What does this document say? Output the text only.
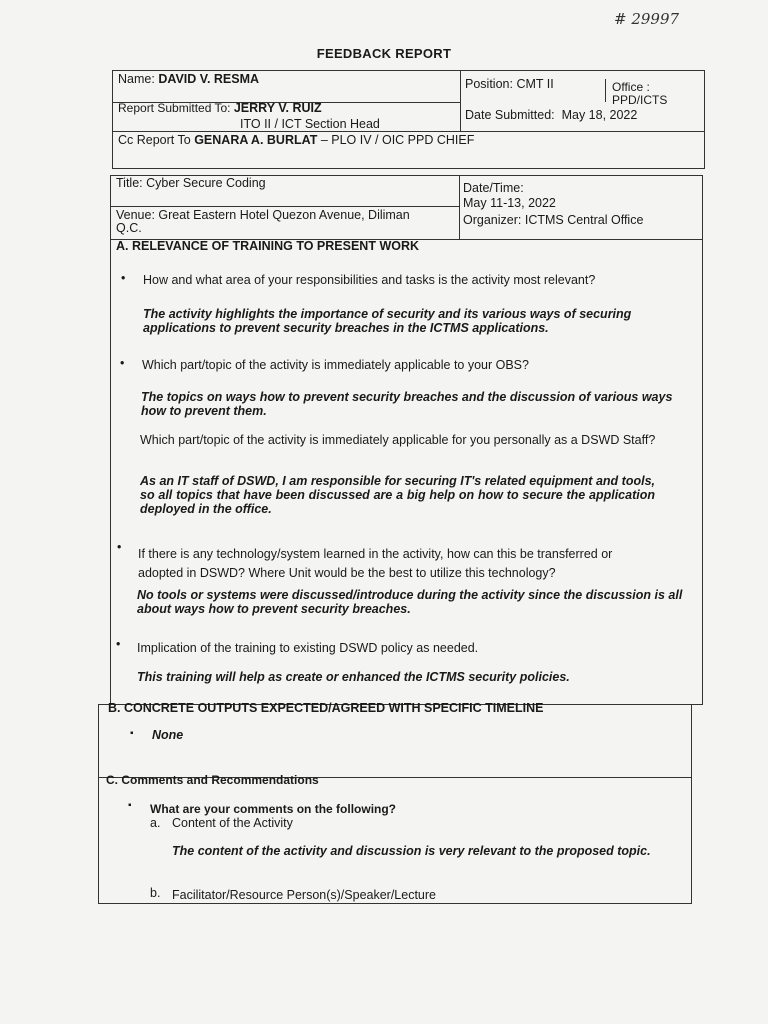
# 29997
FEEDBACK REPORT
Name: DAVID V. RESMA	Position: CMT II	Office :
PPD/ICTS
Report Submitted To: JERRY V. RUIZ
ITO II / ICT Section Head
Date Submitted: May 18, 2022
Cc Report To GENARA A. BURLAT – PLO IV / OIC PPD CHIEF
Title: Cyber Secure Coding	Date/Time:
May 11-13, 2022
Venue: Great Eastern Hotel Quezon Avenue, Diliman
Q.C.
Organizer: ICTMS Central Office
A. RELEVANCE OF TRAINING TO PRESENT WORK
• How and what area of your responsibilities and tasks is the activity most relevant?
The activity highlights the importance of security and its various ways of securing applications to prevent security breaches in the ICTMS applications.
• Which part/topic of the activity is immediately applicable to your OBS?
The topics on ways how to prevent security breaches and the discussion of various ways how to prevent them.
Which part/topic of the activity is immediately applicable for you personally as a DSWD Staff?
As an IT staff of DSWD, I am responsible for securing IT's related equipment and tools, so all topics that have been discussed are a big help on how to secure the application deployed in the office.
• If there is any technology/system learned in the activity, how can this be transferred or adopted in DSWD? Where Unit would be the best to utilize this technology?
No tools or systems were discussed/introduce during the activity since the discussion is all about ways how to prevent security breaches.
• Implication of the training to existing DSWD policy as needed.
This training will help as create or enhanced the ICTMS security policies.
B. CONCRETE OUTPUTS EXPECTED/AGREED WITH SPECIFIC TIMELINE
▪ None
C. Comments and Recommendations
▪ What are your comments on the following?
a. Content of the Activity
The content of the activity and discussion is very relevant to the proposed topic.
b. Facilitator/Resource Person(s)/Speaker/Lecture
